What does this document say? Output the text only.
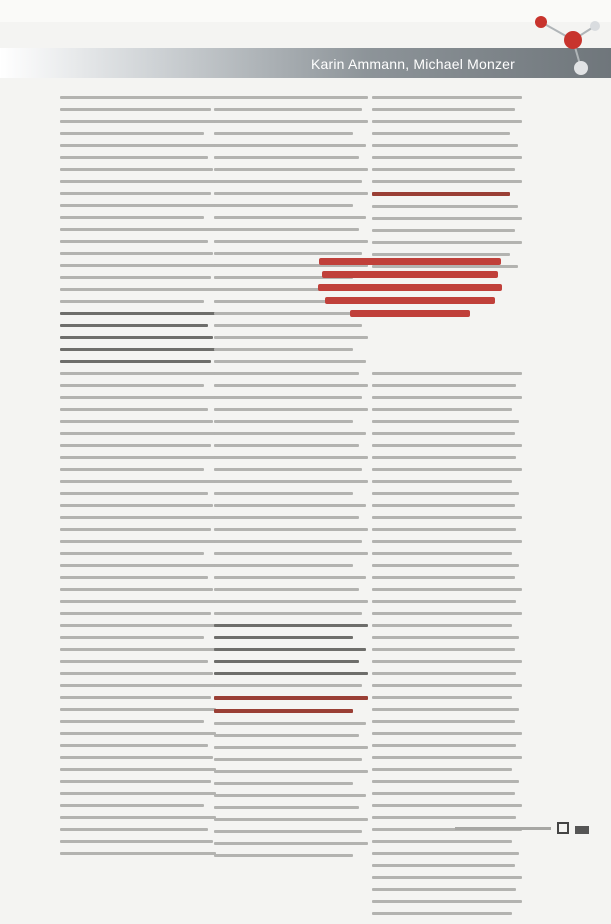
Karin Ammann, Michael Monzer
